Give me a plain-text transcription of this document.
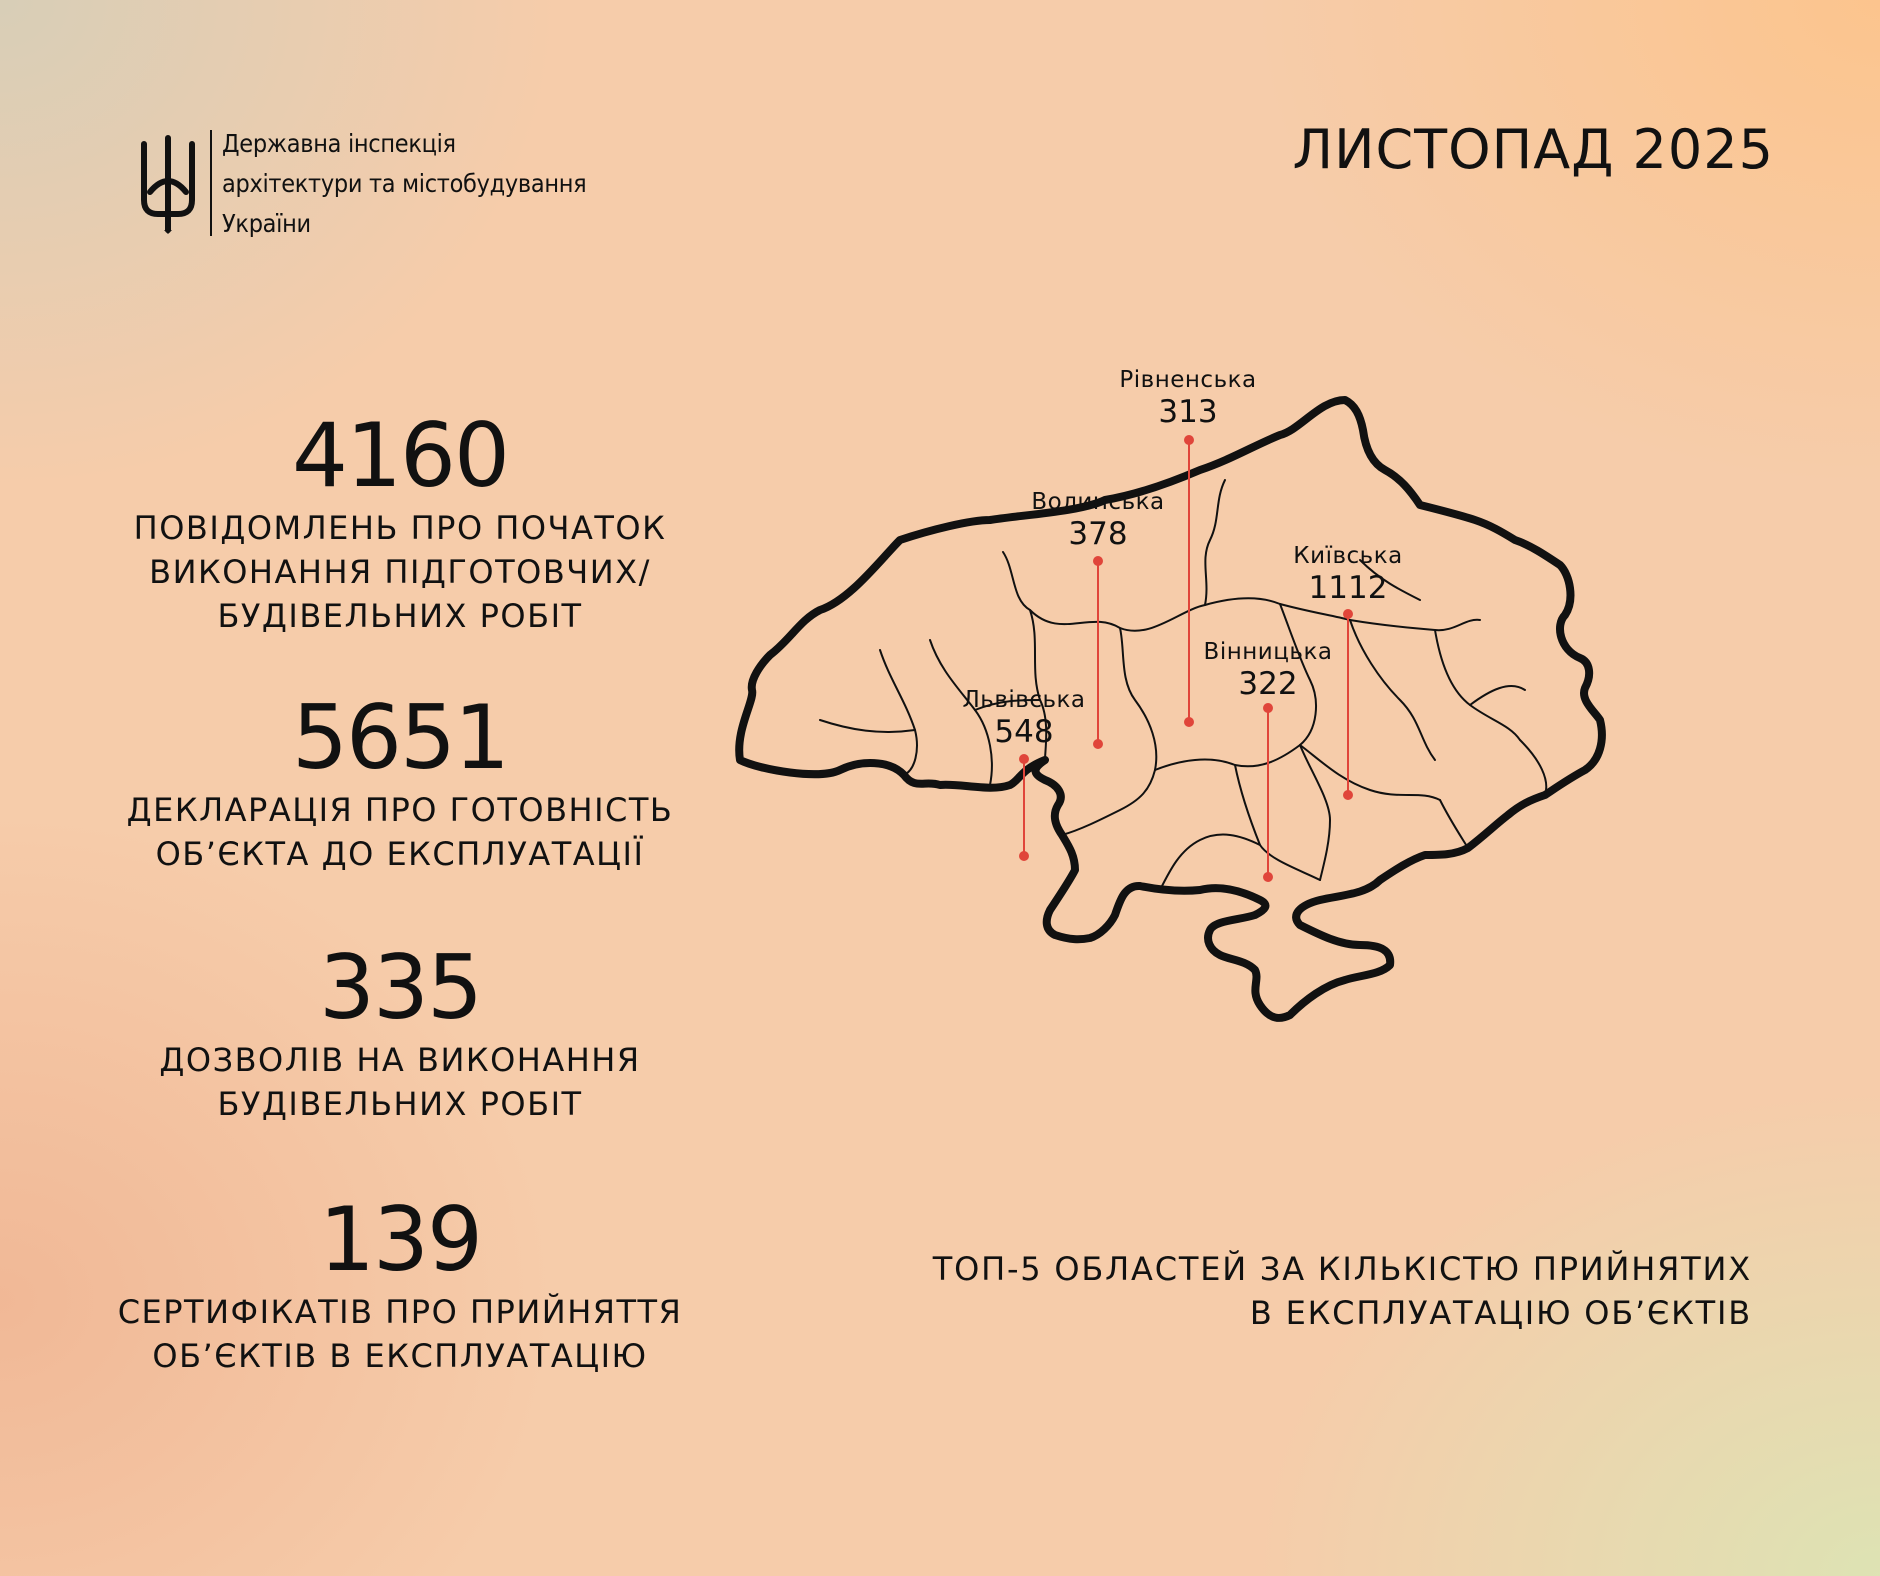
Державна інспекція
архітектури та містобудування
України
ЛИСТОПАД 2025
4160
ПОВІДОМЛЕНЬ ПРО ПОЧАТОК
ВИКОНАННЯ ПІДГОТОВЧИХ/
БУДІВЕЛЬНИХ РОБІТ
5651
ДЕКЛАРАЦІЯ ПРО ГОТОВНІСТЬ
ОБ’ЄКТА ДО ЕКСПЛУАТАЦІЇ
335
ДОЗВОЛІВ НА ВИКОНАННЯ
БУДІВЕЛЬНИХ РОБІТ
139
СЕРТИФІКАТІВ ПРО ПРИЙНЯТТЯ
ОБ’ЄКТІВ В ЕКСПЛУАТАЦІЮ
Рівненська
313
Волинська
378
Київська
1112
Вінницька
322
Львівська
548
ТОП-5 ОБЛАСТЕЙ ЗА КІЛЬКІСТЮ ПРИЙНЯТИХ
В ЕКСПЛУАТАЦІЮ ОБ’ЄКТІВ
